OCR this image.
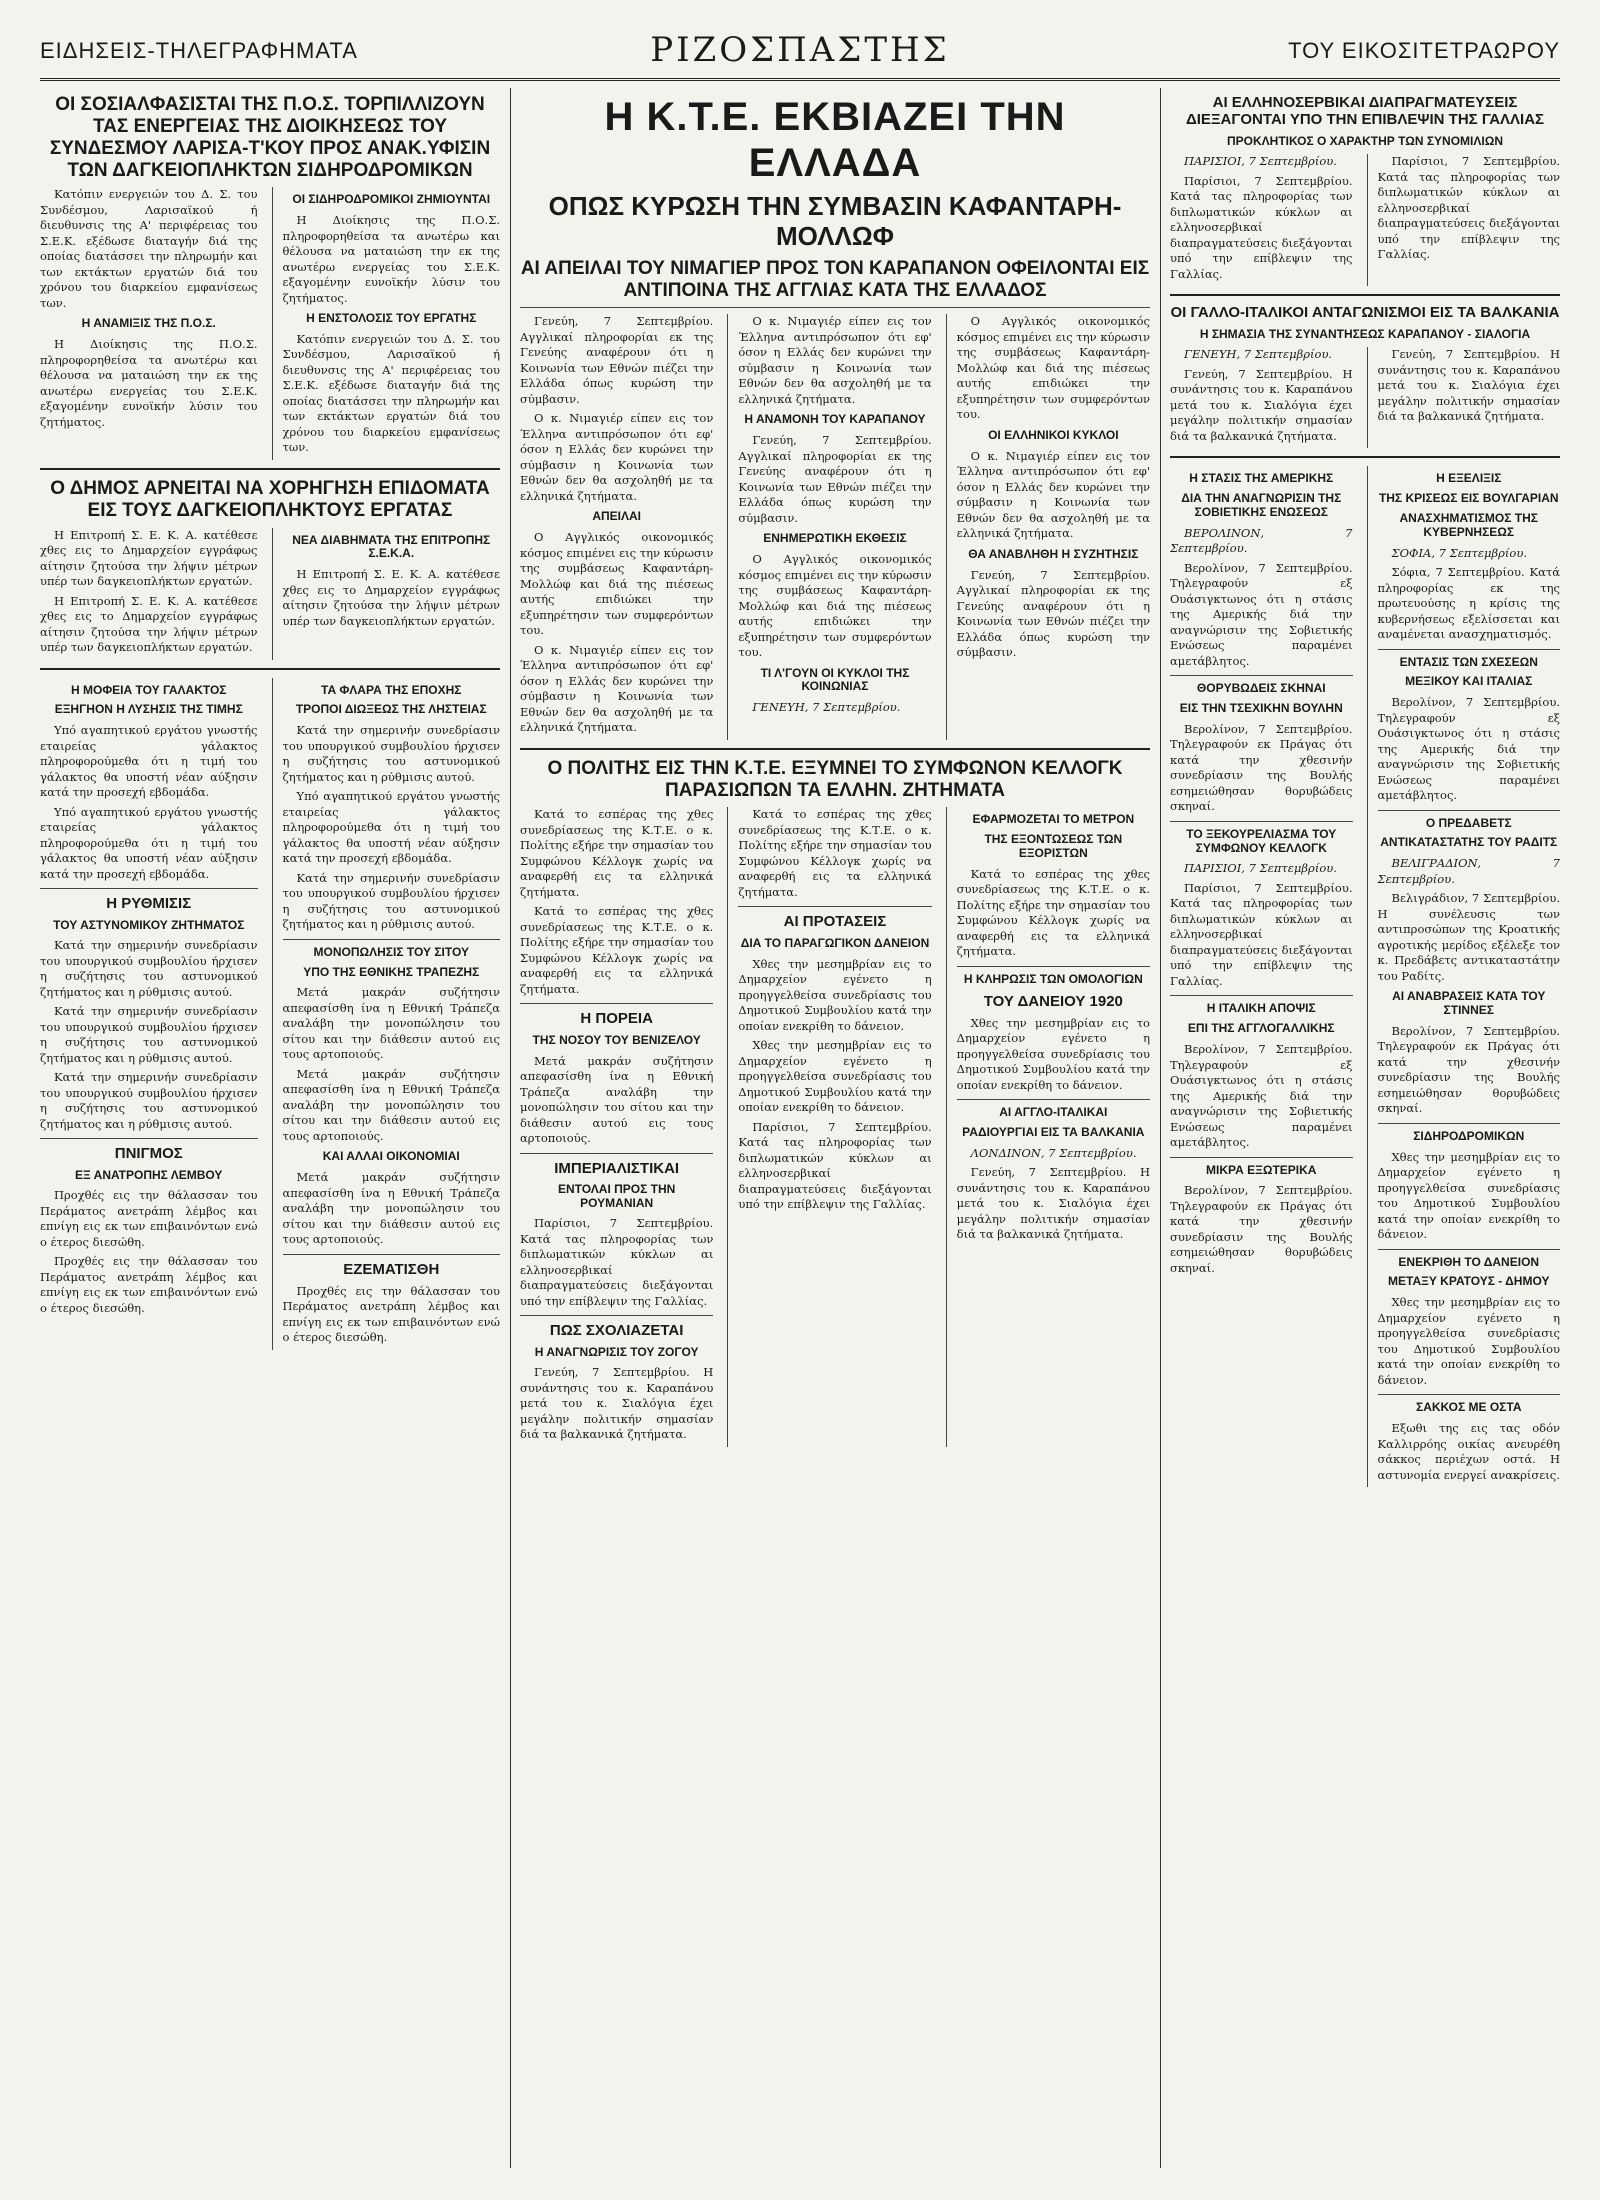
ΕΙΔΗΣΕΙΣ-ΤΗΛΕΓΡΑΦΗΜΑΤΑ	ΡΙΖΟΣΠΑΣΤΗΣ	ΤΟΥ ΕΙΚΟΣΙΤΕΤΡΑΩΡΟΥ
ΟΙ ΣΟΣΙΑΛΦΑΣΙΣΤΑΙ ΤΗΣ Π.Ο.Σ. ΤΟΡΠΙΛΛΙΖΟΥΝ ΤΑΣ ΕΝΕΡΓΕΙΑΣ ΤΗΣ ΔΙΟΙΚΗΣΕΩΣ ΤΟΥ ΣΥΝΔΕΣΜΟΥ ΛΑΡΙΣΑ-Τ'ΚΟΥ ΠΡΟΣ ΑΝΑΚ.ΥΦΙΣΙΝ ΤΩΝ ΔΑΓΚΕΙΟΠΛΗΚΤΩΝ ΣΙΔΗΡΟΔΡΟΜΙΚΩΝ

Κατόπιν ενεργειών του Δ. Σ. του Συνδέσμου, Λαρισαϊκού ή διευθυνσις της Α' περιφέρειας του Σ.Ε.Κ. εξέδωσε διαταγήν διά της οποίας διατάσσει την πληρωμήν και των εκτάκτων εργατών διά του χρόνου του διαρκείου εμφανίσεως των.

Η ΑΝΑΜΙΞΙΣ ΤΗΣ Π.Ο.Σ.

Η Διοίκησις της Π.Ο.Σ. πληροφορηθείσα τα ανωτέρω και θέλουσα να ματαιώση την εκ της ανωτέρω ενεργείας του Σ.Ε.Κ. εξαγομένην ευνοϊκήν λύσιν του ζητήματος.

ΟΙ ΣΙΔΗΡΟΔΡΟΜΙΚΟΙ ΖΗΜΙΟΥΝΤΑΙ

Η Διοίκησις της Π.Ο.Σ. πληροφορηθείσα τα ανωτέρω και θέλουσα να ματαιώση την εκ της ανωτέρω ενεργείας του Σ.Ε.Κ. εξαγομένην ευνοϊκήν λύσιν του ζητήματος.

Η ΕΝΣΤΟΛΟΣΙΣ ΤΟΥ ΕΡΓΑΤΗΣ

Κατόπιν ενεργειών του Δ. Σ. του Συνδέσμου, Λαρισαϊκού ή διευθυνσις της Α' περιφέρειας του Σ.Ε.Κ. εξέδωσε διαταγήν διά της οποίας διατάσσει την πληρωμήν και των εκτάκτων εργατών διά του χρόνου του διαρκείου εμφανίσεως των.

Ο ΔΗΜΟΣ ΑΡΝΕΙΤΑΙ ΝΑ ΧΟΡΗΓΗΣΗ ΕΠΙΔΟΜΑΤΑ ΕΙΣ ΤΟΥΣ ΔΑΓΚΕΙΟΠΛΗΚΤΟΥΣ ΕΡΓΑΤΑΣ

Η Επιτροπή Σ. Ε. Κ. Α. κατέθεσε χθες εις το Δημαρχείον εγγράφως αίτησιν ζητούσα την λήψιν μέτρων υπέρ των δαγκειοπλήκτων εργατών.

Η Επιτροπή Σ. Ε. Κ. Α. κατέθεσε χθες εις το Δημαρχείον εγγράφως αίτησιν ζητούσα την λήψιν μέτρων υπέρ των δαγκειοπλήκτων εργατών.

ΝΕΑ ΔΙΑΒΗΜΑΤΑ ΤΗΣ ΕΠΙΤΡΟΠΗΣ Σ.Ε.Κ.Α.

Η Επιτροπή Σ. Ε. Κ. Α. κατέθεσε χθες εις το Δημαρχείον εγγράφως αίτησιν ζητούσα την λήψιν μέτρων υπέρ των δαγκειοπλήκτων εργατών.

Η ΜΟΦΕΙΑ ΤΟΥ ΓΑΛΑΚΤΟΣ
ΕΞΗΓΗΟΝ Η ΛΥΣΗΣΙΣ ΤΗΣ ΤΙΜΗΣ

Υπό αγαπητικού εργάτου γνωστής εταιρείας γάλακτος πληροφορούμεθα ότι η τιμή του γάλακτος θα υποστή νέαν αύξησιν κατά την προσεχή εβδομάδα.

Υπό αγαπητικού εργάτου γνωστής εταιρείας γάλακτος πληροφορούμεθα ότι η τιμή του γάλακτος θα υποστή νέαν αύξησιν κατά την προσεχή εβδομάδα.

Η ΡΥΘΜΙΣΙΣ
ΤΟΥ ΑΣΤΥΝΟΜΙΚΟΥ ΖΗΤΗΜΑΤΟΣ

Κατά την σημερινήν συνεδρίασιν του υπουργικού συμβουλίου ήρχισεν η συζήτησις του αστυνομικού ζητήματος και η ρύθμισις αυτού.

Κατά την σημερινήν συνεδρίασιν του υπουργικού συμβουλίου ήρχισεν η συζήτησις του αστυνομικού ζητήματος και η ρύθμισις αυτού.

Κατά την σημερινήν συνεδρίασιν του υπουργικού συμβουλίου ήρχισεν η συζήτησις του αστυνομικού ζητήματος και η ρύθμισις αυτού.

ΠΝΙΓΜΟΣ
ΕΞ ΑΝΑΤΡΟΠΗΣ ΛΕΜΒΟΥ

Προχθές εις την θάλασσαν του Περάματος ανετράπη λέμβος και επνίγη εις εκ των επιβαινόντων ενώ ο έτερος διεσώθη.

Προχθές εις την θάλασσαν του Περάματος ανετράπη λέμβος και επνίγη εις εκ των επιβαινόντων ενώ ο έτερος διεσώθη.

ΤΑ ΦΛΑΡΑ ΤΗΣ ΕΠΟΧΗΣ
ΤΡΟΠΟΙ ΔΙΩΞΕΩΣ ΤΗΣ ΛΗΣΤΕΙΑΣ

Κατά την σημερινήν συνεδρίασιν του υπουργικού συμβουλίου ήρχισεν η συζήτησις του αστυνομικού ζητήματος και η ρύθμισις αυτού.

Υπό αγαπητικού εργάτου γνωστής εταιρείας γάλακτος πληροφορούμεθα ότι η τιμή του γάλακτος θα υποστή νέαν αύξησιν κατά την προσεχή εβδομάδα.

Κατά την σημερινήν συνεδρίασιν του υπουργικού συμβουλίου ήρχισεν η συζήτησις του αστυνομικού ζητήματος και η ρύθμισις αυτού.

ΜΟΝΟΠΩΛΗΣΙΣ ΤΟΥ ΣΙΤΟΥ
ΥΠΟ ΤΗΣ ΕΘΝΙΚΗΣ ΤΡΑΠΕΖΗΣ

Μετά μακράν συζήτησιν απεφασίσθη ίνα η Εθνική Τράπεζα αναλάβη την μονοπώλησιν του σίτου και την διάθεσιν αυτού εις τους αρτοποιούς.

Μετά μακράν συζήτησιν απεφασίσθη ίνα η Εθνική Τράπεζα αναλάβη την μονοπώλησιν του σίτου και την διάθεσιν αυτού εις τους αρτοποιούς.

ΚΑΙ ΑΛΛΑΙ ΟΙΚΟΝΟΜΙΑΙ

Μετά μακράν συζήτησιν απεφασίσθη ίνα η Εθνική Τράπεζα αναλάβη την μονοπώλησιν του σίτου και την διάθεσιν αυτού εις τους αρτοποιούς.

ΕΖΕΜΑΤΙΣΘΗ

Προχθές εις την θάλασσαν του Περάματος ανετράπη λέμβος και επνίγη εις εκ των επιβαινόντων ενώ ο έτερος διεσώθη.

Η Κ.Τ.Ε. ΕΚΒΙΑΖΕΙ ΤΗΝ ΕΛΛΑΔΑ
ΟΠΩΣ ΚΥΡΩΣΗ ΤΗΝ ΣΥΜΒΑΣΙΝ ΚΑΦΑΝΤΑΡΗ-ΜΟΛΛΩΦ
ΑΙ ΑΠΕΙΛΑΙ ΤΟΥ ΝΙΜΑΓΙΕΡ ΠΡΟΣ ΤΟΝ ΚΑΡΑΠΑΝΟΝ ΟΦΕΙΛΟΝΤΑΙ ΕΙΣ ΑΝΤΙΠΟΙΝΑ ΤΗΣ ΑΓΓΛΙΑΣ ΚΑΤΑ ΤΗΣ ΕΛΛΑΔΟΣ

Γενεύη, 7 Σεπτεμβρίου. Αγγλικαί πληροφορίαι εκ της Γενεύης αναφέρουν ότι η Κοινωνία των Εθνών πιέζει την Ελλάδα όπως κυρώση την σύμβασιν.

Ο κ. Νιμαγιέρ είπεν εις τον Έλληνα αντιπρόσωπον ότι εφ' όσον η Ελλάς δεν κυρώνει την σύμβασιν η Κοινωνία των Εθνών δεν θα ασχοληθή με τα ελληνικά ζητήματα.

ΑΠΕΙΛΑΙ

Ο Αγγλικός οικονομικός κόσμος επιμένει εις την κύρωσιν της συμβάσεως Καφαντάρη-Μολλώφ και διά της πιέσεως αυτής επιδιώκει την εξυπηρέτησιν των συμφερόντων του.

Ο κ. Νιμαγιέρ είπεν εις τον Έλληνα αντιπρόσωπον ότι εφ' όσον η Ελλάς δεν κυρώνει την σύμβασιν η Κοινωνία των Εθνών δεν θα ασχοληθή με τα ελληνικά ζητήματα.

Ο κ. Νιμαγιέρ είπεν εις τον Έλληνα αντιπρόσωπον ότι εφ' όσον η Ελλάς δεν κυρώνει την σύμβασιν η Κοινωνία των Εθνών δεν θα ασχοληθή με τα ελληνικά ζητήματα.

Η ΑΝΑΜΟΝΗ ΤΟΥ ΚΑΡΑΠΑΝΟΥ

Γενεύη, 7 Σεπτεμβρίου. Αγγλικαί πληροφορίαι εκ της Γενεύης αναφέρουν ότι η Κοινωνία των Εθνών πιέζει την Ελλάδα όπως κυρώση την σύμβασιν.

ΕΝΗΜΕΡΩΤΙΚΗ ΕΚΘΕΣΙΣ

Ο Αγγλικός οικονομικός κόσμος επιμένει εις την κύρωσιν της συμβάσεως Καφαντάρη-Μολλώφ και διά της πιέσεως αυτής επιδιώκει την εξυπηρέτησιν των συμφερόντων του.

ΤΙ Λ'ΓΟΥΝ ΟΙ ΚΥΚΛΟΙ ΤΗΣ ΚΟΙΝΩΝΙΑΣ

ΓΕΝΕΥΗ, 7 Σεπτεμβρίου.

Ο Αγγλικός οικονομικός κόσμος επιμένει εις την κύρωσιν της συμβάσεως Καφαντάρη-Μολλώφ και διά της πιέσεως αυτής επιδιώκει την εξυπηρέτησιν των συμφερόντων του.

ΟΙ ΕΛΛΗΝΙΚΟΙ ΚΥΚΛΟΙ

Ο κ. Νιμαγιέρ είπεν εις τον Έλληνα αντιπρόσωπον ότι εφ' όσον η Ελλάς δεν κυρώνει την σύμβασιν η Κοινωνία των Εθνών δεν θα ασχοληθή με τα ελληνικά ζητήματα.

ΘΑ ΑΝΑΒΛΗΘΗ Η ΣΥΖΗΤΗΣΙΣ

Γενεύη, 7 Σεπτεμβρίου. Αγγλικαί πληροφορίαι εκ της Γενεύης αναφέρουν ότι η Κοινωνία των Εθνών πιέζει την Ελλάδα όπως κυρώση την σύμβασιν.

Ο ΠΟΛΙΤΗΣ ΕΙΣ ΤΗΝ Κ.Τ.Ε. ΕΞΥΜΝΕΙ ΤΟ ΣΥΜΦΩΝΟΝ ΚΕΛΛΟΓΚ ΠΑΡΑΣΙΩΠΩΝ ΤΑ ΕΛΛΗΝ. ΖΗΤΗΜΑΤΑ

Κατά το εσπέρας της χθες συνεδρίασεως της Κ.Τ.Ε. ο κ. Πολίτης εξήρε την σημασίαν του Συμφώνου Κέλλογκ χωρίς να αναφερθή εις τα ελληνικά ζητήματα.

Κατά το εσπέρας της χθες συνεδρίασεως της Κ.Τ.Ε. ο κ. Πολίτης εξήρε την σημασίαν του Συμφώνου Κέλλογκ χωρίς να αναφερθή εις τα ελληνικά ζητήματα.

Η ΠΟΡΕΙΑ
ΤΗΣ ΝΟΣΟΥ ΤΟΥ ΒΕΝΙΖΕΛΟΥ

Μετά μακράν συζήτησιν απεφασίσθη ίνα η Εθνική Τράπεζα αναλάβη την μονοπώλησιν του σίτου και την διάθεσιν αυτού εις τους αρτοποιούς.

ΙΜΠΕΡΙΑΛΙΣΤΙΚΑΙ
ΕΝΤΟΛΑΙ ΠΡΟΣ ΤΗΝ ΡΟΥΜΑΝΙΑΝ

Παρίσιοι, 7 Σεπτεμβρίου. Κατά τας πληροφορίας των διπλωματικών κύκλων αι ελληνοσερβικαί διαπραγματεύσεις διεξάγονται υπό την επίβλεψιν της Γαλλίας.

ΠΩΣ ΣΧΟΛΙΑΖΕΤΑΙ
Η ΑΝΑΓΝΩΡΙΣΙΣ ΤΟΥ ΖΟΓΟΥ

Γενεύη, 7 Σεπτεμβρίου. Η συνάντησις του κ. Καραπάνου μετά του κ. Σιαλόγια έχει μεγάλην πολιτικήν σημασίαν διά τα βαλκανικά ζητήματα.

Κατά το εσπέρας της χθες συνεδρίασεως της Κ.Τ.Ε. ο κ. Πολίτης εξήρε την σημασίαν του Συμφώνου Κέλλογκ χωρίς να αναφερθή εις τα ελληνικά ζητήματα.

ΑΙ ΠΡΟΤΑΣΕΙΣ
ΔΙΑ ΤΟ ΠΑΡΑΓΩΓΙΚΟΝ ΔΑΝΕΙΟΝ

Χθες την μεσημβρίαν εις το Δημαρχείον εγένετο η προηγγελθείσα συνεδρίασις του Δημοτικού Συμβουλίου κατά την οποίαν ενεκρίθη το δάνειον.

Χθες την μεσημβρίαν εις το Δημαρχείον εγένετο η προηγγελθείσα συνεδρίασις του Δημοτικού Συμβουλίου κατά την οποίαν ενεκρίθη το δάνειον.

Παρίσιοι, 7 Σεπτεμβρίου. Κατά τας πληροφορίας των διπλωματικών κύκλων αι ελληνοσερβικαί διαπραγματεύσεις διεξάγονται υπό την επίβλεψιν της Γαλλίας.

ΕΦΑΡΜΟΖΕΤΑΙ ΤΟ ΜΕΤΡΟΝ
ΤΗΣ ΕΞΟΝΤΩΣΕΩΣ ΤΩΝ ΕΞΟΡΙΣΤΩΝ

Κατά το εσπέρας της χθες συνεδρίασεως της Κ.Τ.Ε. ο κ. Πολίτης εξήρε την σημασίαν του Συμφώνου Κέλλογκ χωρίς να αναφερθή εις τα ελληνικά ζητήματα.

Η ΚΛΗΡΩΣΙΣ ΤΩΝ ΟΜΟΛΟΓΙΩΝ
ΤΟΥ ΔΑΝΕΙΟΥ 1920

Χθες την μεσημβρίαν εις το Δημαρχείον εγένετο η προηγγελθείσα συνεδρίασις του Δημοτικού Συμβουλίου κατά την οποίαν ενεκρίθη το δάνειον.

ΑΙ ΑΓΓΛΟ-ΙΤΑΛΙΚΑΙ
ΡΑΔΙΟΥΡΓΙΑΙ ΕΙΣ ΤΑ ΒΑΛΚΑΝΙΑ

ΛΟΝΔΙΝΟΝ, 7 Σεπτεμβρίου.

Γενεύη, 7 Σεπτεμβρίου. Η συνάντησις του κ. Καραπάνου μετά του κ. Σιαλόγια έχει μεγάλην πολιτικήν σημασίαν διά τα βαλκανικά ζητήματα.

ΑΙ ΕΛΛΗΝΟΣΕΡΒΙΚΑΙ ΔΙΑΠΡΑΓΜΑΤΕΥΣΕΙΣ ΔΙΕΞΑΓΟΝΤΑΙ ΥΠΟ ΤΗΝ ΕΠΙΒΛΕΨΙΝ ΤΗΣ ΓΑΛΛΙΑΣ
ΠΡΟΚΛΗΤΙΚΟΣ Ο ΧΑΡΑΚΤΗΡ ΤΩΝ ΣΥΝΟΜΙΛΙΩΝ

ΠΑΡΙΣΙΟΙ, 7 Σεπτεμβρίου.

Παρίσιοι, 7 Σεπτεμβρίου. Κατά τας πληροφορίας των διπλωματικών κύκλων αι ελληνοσερβικαί διαπραγματεύσεις διεξάγονται υπό την επίβλεψιν της Γαλλίας.

Παρίσιοι, 7 Σεπτεμβρίου. Κατά τας πληροφορίας των διπλωματικών κύκλων αι ελληνοσερβικαί διαπραγματεύσεις διεξάγονται υπό την επίβλεψιν της Γαλλίας.

ΟΙ ΓΑΛΛΟ-ΙΤΑΛΙΚΟΙ ΑΝΤΑΓΩΝΙΣΜΟΙ ΕΙΣ ΤΑ ΒΑΛΚΑΝΙΑ
Η ΣΗΜΑΣΙΑ ΤΗΣ ΣΥΝΑΝΤΗΣΕΩΣ ΚΑΡΑΠΑΝΟΥ - ΣΙΑΛΟΓΙΑ

ΓΕΝΕΥΗ, 7 Σεπτεμβρίου.

Γενεύη, 7 Σεπτεμβρίου. Η συνάντησις του κ. Καραπάνου μετά του κ. Σιαλόγια έχει μεγάλην πολιτικήν σημασίαν διά τα βαλκανικά ζητήματα.

Γενεύη, 7 Σεπτεμβρίου. Η συνάντησις του κ. Καραπάνου μετά του κ. Σιαλόγια έχει μεγάλην πολιτικήν σημασίαν διά τα βαλκανικά ζητήματα.

Η ΣΤΑΣΙΣ ΤΗΣ ΑΜΕΡΙΚΗΣ
ΔΙΑ ΤΗΝ ΑΝΑΓΝΩΡΙΣΙΝ ΤΗΣ ΣΟΒΙΕΤΙΚΗΣ ΕΝΩΣΕΩΣ

ΒΕΡΟΛΙΝΟΝ, 7 Σεπτεμβρίου.

Βερολίνον, 7 Σεπτεμβρίου. Τηλεγραφούν εξ Ουάσιγκτωνος ότι η στάσις της Αμερικής διά την αναγνώρισιν της Σοβιετικής Ενώσεως παραμένει αμετάβλητος.

ΘΟΡΥΒΩΔΕΙΣ ΣΚΗΝΑΙ
ΕΙΣ ΤΗΝ ΤΣΕΧΙΚΗΝ ΒΟΥΛΗΝ

Βερολίνον, 7 Σεπτεμβρίου. Τηλεγραφούν εκ Πράγας ότι κατά την χθεσινήν συνεδρίασιν της Βουλής εσημειώθησαν θορυβώδεις σκηναί.

ΤΟ ΞΕΚΟΥΡΕΛΙΑΣΜΑ ΤΟΥ ΣΥΜΦΩΝΟΥ ΚΕΛΛΟΓΚ

ΠΑΡΙΣΙΟΙ, 7 Σεπτεμβρίου.

Παρίσιοι, 7 Σεπτεμβρίου. Κατά τας πληροφορίας των διπλωματικών κύκλων αι ελληνοσερβικαί διαπραγματεύσεις διεξάγονται υπό την επίβλεψιν της Γαλλίας.

Η ΙΤΑΛΙΚΗ ΑΠΟΨΙΣ
ΕΠΙ ΤΗΣ ΑΓΓΛΟΓΑΛΛΙΚΗΣ

Βερολίνον, 7 Σεπτεμβρίου. Τηλεγραφούν εξ Ουάσιγκτωνος ότι η στάσις της Αμερικής διά την αναγνώρισιν της Σοβιετικής Ενώσεως παραμένει αμετάβλητος.

ΜΙΚΡΑ ΕΞΩΤΕΡΙΚΑ

Βερολίνον, 7 Σεπτεμβρίου. Τηλεγραφούν εκ Πράγας ότι κατά την χθεσινήν συνεδρίασιν της Βουλής εσημειώθησαν θορυβώδεις σκηναί.

Η ΕΞΕΛΙΞΙΣ
ΤΗΣ ΚΡΙΣΕΩΣ ΕΙΣ ΒΟΥΛΓΑΡΙΑΝ
ΑΝΑΣΧΗΜΑΤΙΣΜΟΣ ΤΗΣ ΚΥΒΕΡΝΗΣΕΩΣ

ΣΟΦΙΑ, 7 Σεπτεμβρίου.

Σόφια, 7 Σεπτεμβρίου. Κατά πληροφορίας εκ της πρωτευούσης η κρίσις της κυβερνήσεως εξελίσσεται και αναμένεται ανασχηματισμός.

ΕΝΤΑΣΙΣ ΤΩΝ ΣΧΕΣΕΩΝ
ΜΕΞΙΚΟΥ ΚΑΙ ΙΤΑΛΙΑΣ

Βερολίνον, 7 Σεπτεμβρίου. Τηλεγραφούν εξ Ουάσιγκτωνος ότι η στάσις της Αμερικής διά την αναγνώρισιν της Σοβιετικής Ενώσεως παραμένει αμετάβλητος.

Ο ΠΡΕΔΑΒΕΤΣ
ΑΝΤΙΚΑΤΑΣΤΑΤΗΣ ΤΟΥ ΡΑΔΙΤΣ

ΒΕΛΙΓΡΑΔΙΟΝ, 7 Σεπτεμβρίου.

Βελιγράδιον, 7 Σεπτεμβρίου. Η συνέλευσις των αντιπροσώπων της Κροατικής αγροτικής μερίδος εξέλεξε τον κ. Πρεδάβετς αντικαταστάτην του Ραδίτς.

ΑΙ ΑΝΑΒΡΑΣΕΙΣ ΚΑΤΑ ΤΟΥ ΣΤΙΝΝΕΣ

Βερολίνον, 7 Σεπτεμβρίου. Τηλεγραφούν εκ Πράγας ότι κατά την χθεσινήν συνεδρίασιν της Βουλής εσημειώθησαν θορυβώδεις σκηναί.

ΣΙΔΗΡΟΔΡΟΜΙΚΩΝ

Χθες την μεσημβρίαν εις το Δημαρχείον εγένετο η προηγγελθείσα συνεδρίασις του Δημοτικού Συμβουλίου κατά την οποίαν ενεκρίθη το δάνειον.

ΕΝΕΚΡΙΘΗ ΤΟ ΔΑΝΕΙΟΝ
ΜΕΤΑΞΥ ΚΡΑΤΟΥΣ - ΔΗΜΟΥ

Χθες την μεσημβρίαν εις το Δημαρχείον εγένετο η προηγγελθείσα συνεδρίασις του Δημοτικού Συμβουλίου κατά την οποίαν ενεκρίθη το δάνειον.

ΣΑΚΚΟΣ ΜΕ ΟΣΤΑ

Εξωθι της εις τας οδόν Καλλιρρόης οικίας ανευρέθη σάκκος περιέχων οστά. Η αστυνομία ενεργεί ανακρίσεις.
